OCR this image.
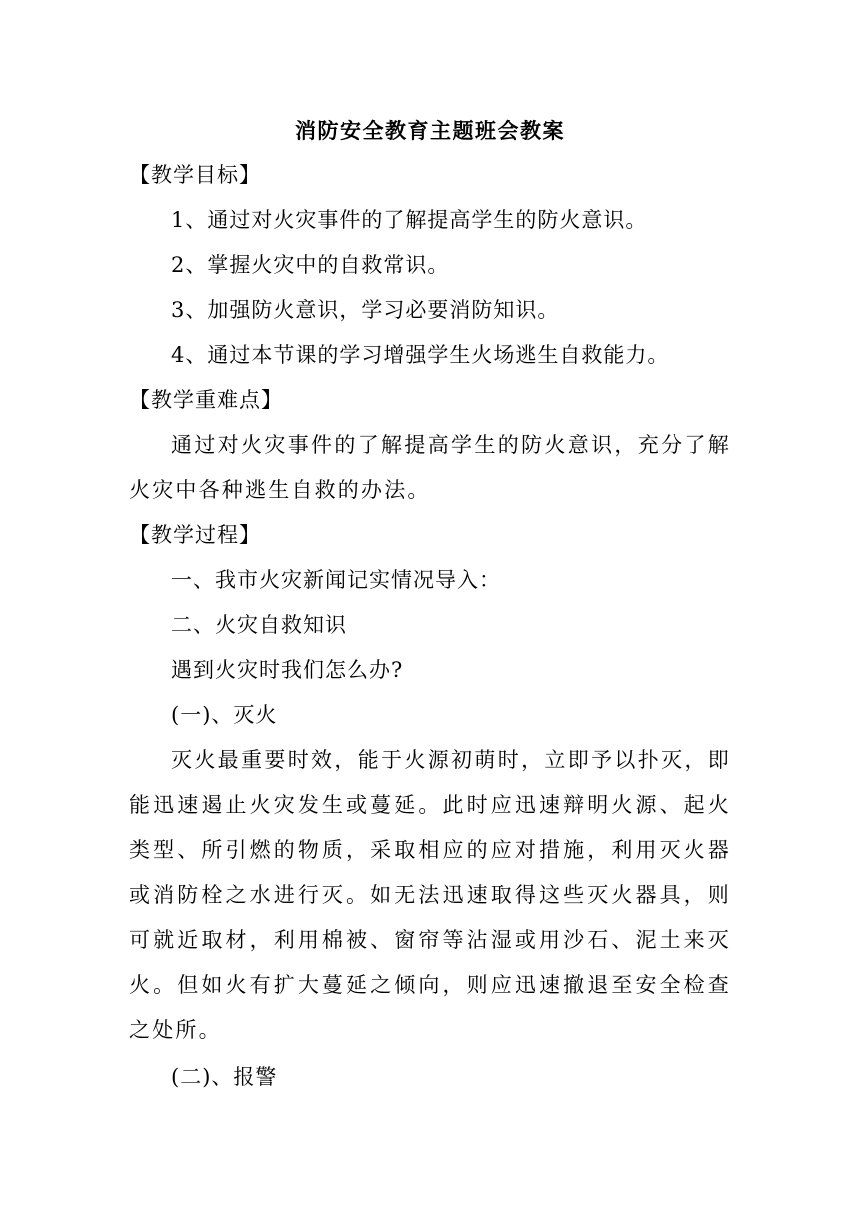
消防安全教育主题班会教案

【教学目标】

1、通过对火灾事件的了解提高学生的防火意识。

2、掌握火灾中的自救常识。

3、加强防火意识，学习必要消防知识。

4、通过本节课的学习增强学生火场逃生自救能力。

【教学重难点】

通过对火灾事件的了解提高学生的防火意识，充分了解火灾中各种逃生自救的办法。

【教学过程】

一、我市火灾新闻记实情况导入：

二、火灾自救知识

遇到火灾时我们怎么办?

(一)、灭火

灭火最重要时效，能于火源初萌时，立即予以扑灭，即能迅速遏止火灾发生或蔓延。此时应迅速辩明火源、起火类型、所引燃的物质，采取相应的应对措施，利用灭火器或消防栓之水进行灭。如无法迅速取得这些灭火器具，则可就近取材，利用棉被、窗帘等沾湿或用沙石、泥土来灭火。但如火有扩大蔓延之倾向，则应迅速撤退至安全检查之处所。

(二)、报警
